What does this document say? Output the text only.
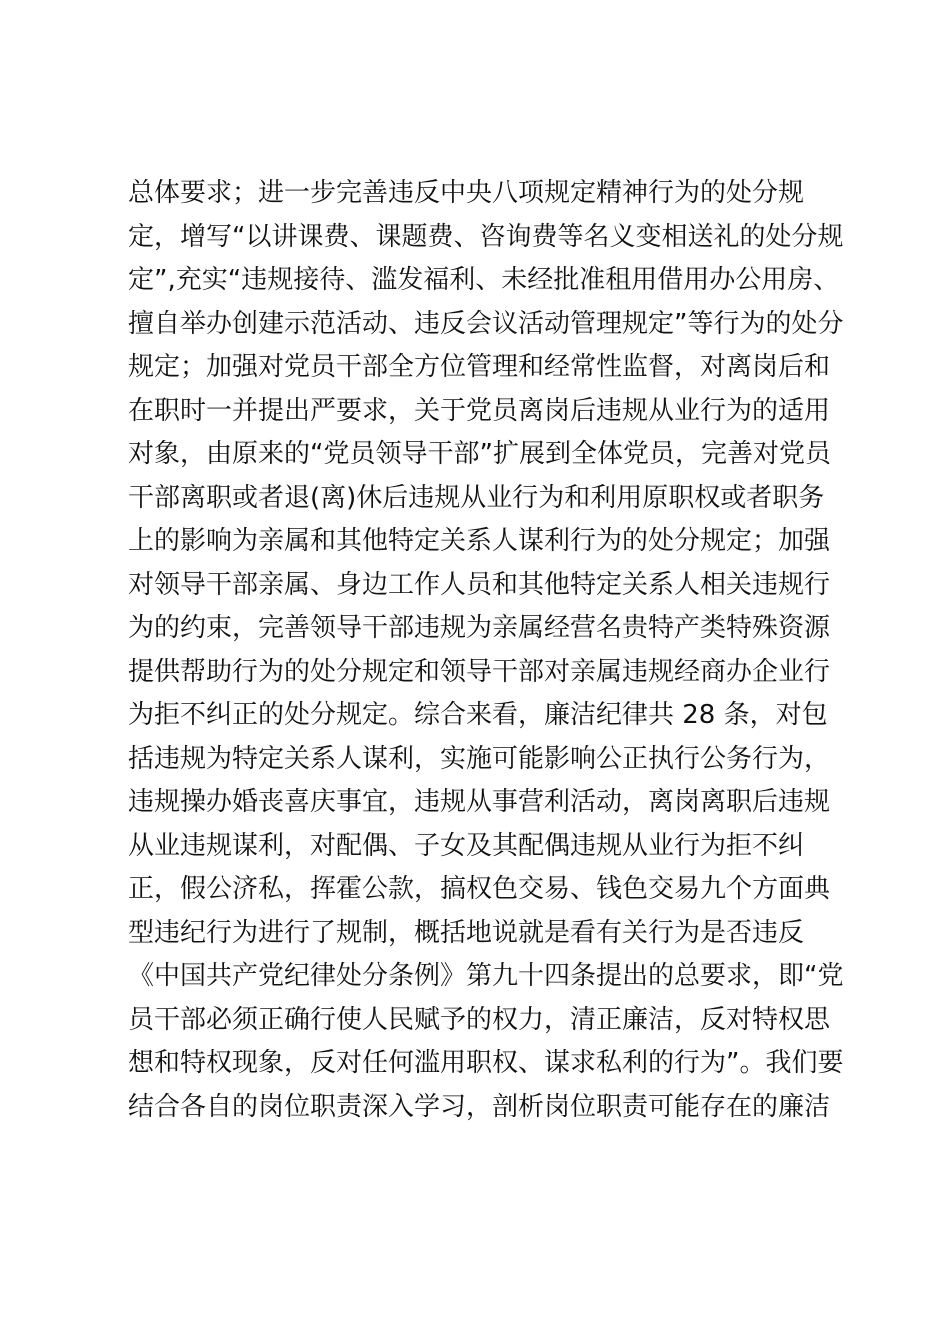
总体要求；进一步完善违反中央八项规定精神行为的处分规
定，增写“以讲课费、课题费、咨询费等名义变相送礼的处分规
定”,充实“违规接待、滥发福利、未经批准租用借用办公用房、
擅自举办创建示范活动、违反会议活动管理规定”等行为的处分
规定；加强对党员干部全方位管理和经常性监督，对离岗后和
在职时一并提出严要求，关于党员离岗后违规从业行为的适用
对象，由原来的“党员领导干部”扩展到全体党员，完善对党员
干部离职或者退(离)休后违规从业行为和利用原职权或者职务
上的影响为亲属和其他特定关系人谋利行为的处分规定；加强
对领导干部亲属、身边工作人员和其他特定关系人相关违规行
为的约束，完善领导干部违规为亲属经营名贵特产类特殊资源
提供帮助行为的处分规定和领导干部对亲属违规经商办企业行
为拒不纠正的处分规定。综合来看，廉洁纪律共 28 条，对包
括违规为特定关系人谋利，实施可能影响公正执行公务行为，
违规操办婚丧喜庆事宜，违规从事营利活动，离岗离职后违规
从业违规谋利，对配偶、子女及其配偶违规从业行为拒不纠
正，假公济私，挥霍公款，搞权色交易、钱色交易九个方面典
型违纪行为进行了规制，概括地说就是看有关行为是否违反
《中国共产党纪律处分条例》第九十四条提出的总要求，即“党
员干部必须正确行使人民赋予的权力，清正廉洁，反对特权思
想和特权现象，反对任何滥用职权、谋求私利的行为”。我们要
结合各自的岗位职责深入学习，剖析岗位职责可能存在的廉洁
